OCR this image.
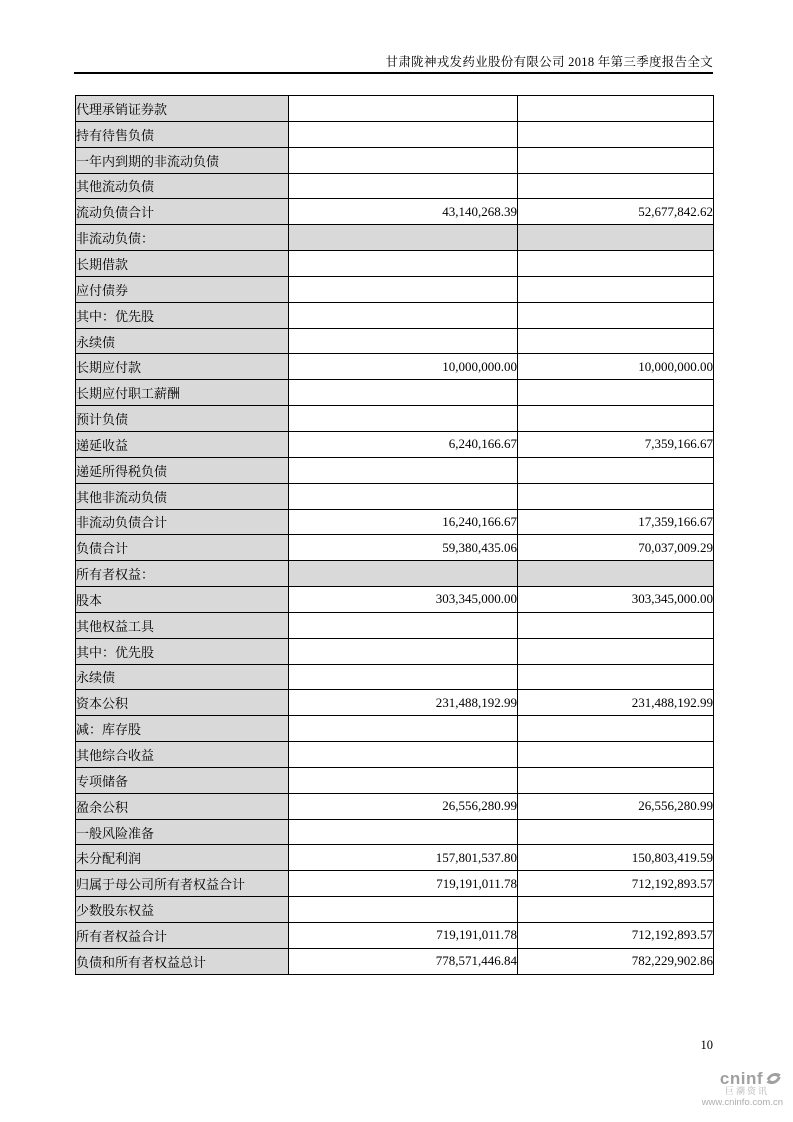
甘肃陇神戎发药业股份有限公司 2018 年第三季度报告全文
代理承销证券款		
持有待售负债		
一年内到期的非流动负债		
其他流动负债		
流动负债合计	43,140,268.39	52,677,842.62
非流动负债：		
长期借款		
应付债券		
其中：优先股		
永续债		
长期应付款	10,000,000.00	10,000,000.00
长期应付职工薪酬		
预计负债		
递延收益	6,240,166.67	7,359,166.67
递延所得税负债		
其他非流动负债		
非流动负债合计	16,240,166.67	17,359,166.67
负债合计	59,380,435.06	70,037,009.29
所有者权益：		
股本	303,345,000.00	303,345,000.00
其他权益工具		
其中：优先股		
永续债		
资本公积	231,488,192.99	231,488,192.99
减：库存股		
其他综合收益		
专项储备		
盈余公积	26,556,280.99	26,556,280.99
一般风险准备		
未分配利润	157,801,537.80	150,803,419.59
归属于母公司所有者权益合计	719,191,011.78	712,192,893.57
少数股东权益		
所有者权益合计	719,191,011.78	712,192,893.57
负债和所有者权益总计	778,571,446.84	782,229,902.86
10
cninf
巨潮资讯
www.cninfo.com.cn
